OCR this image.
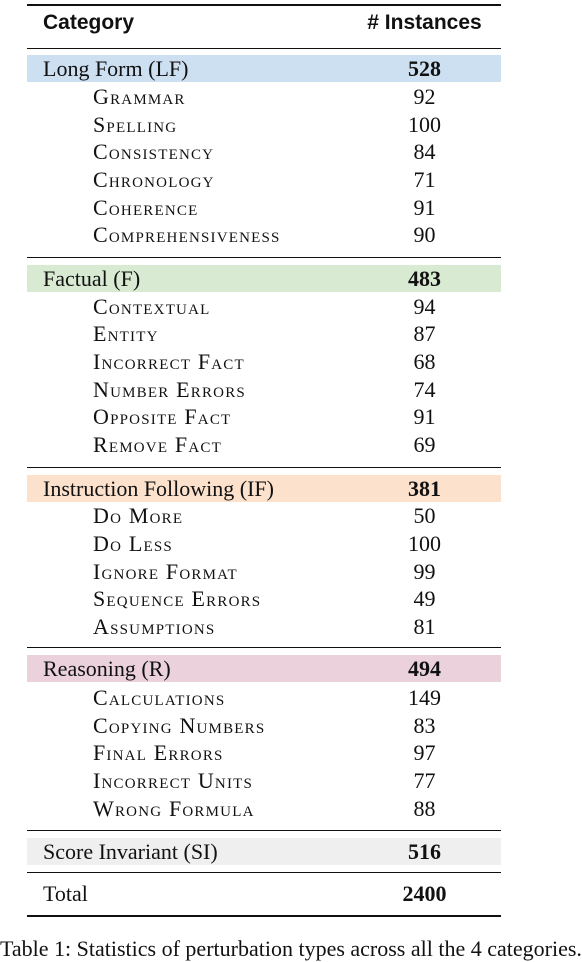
Category	# Instances
Long Form (LF)	528
Grammar	92
Spelling	100
Consistency	84
Chronology	71
Coherence	91
Comprehensiveness	90
Factual (F)	483
Contextual	94
Entity	87
Incorrect Fact	68
Number Errors	74
Opposite Fact	91
Remove Fact	69
Instruction Following (IF)	381
Do More	50
Do Less	100
Ignore Format	99
Sequence Errors	49
Assumptions	81
Reasoning (R)	494
Calculations	149
Copying Numbers	83
Final Errors	97
Incorrect Units	77
Wrong Formula	88
Score Invariant (SI)	516
Total	2400
Table 1: Statistics of perturbation types across all the 4 categories.
